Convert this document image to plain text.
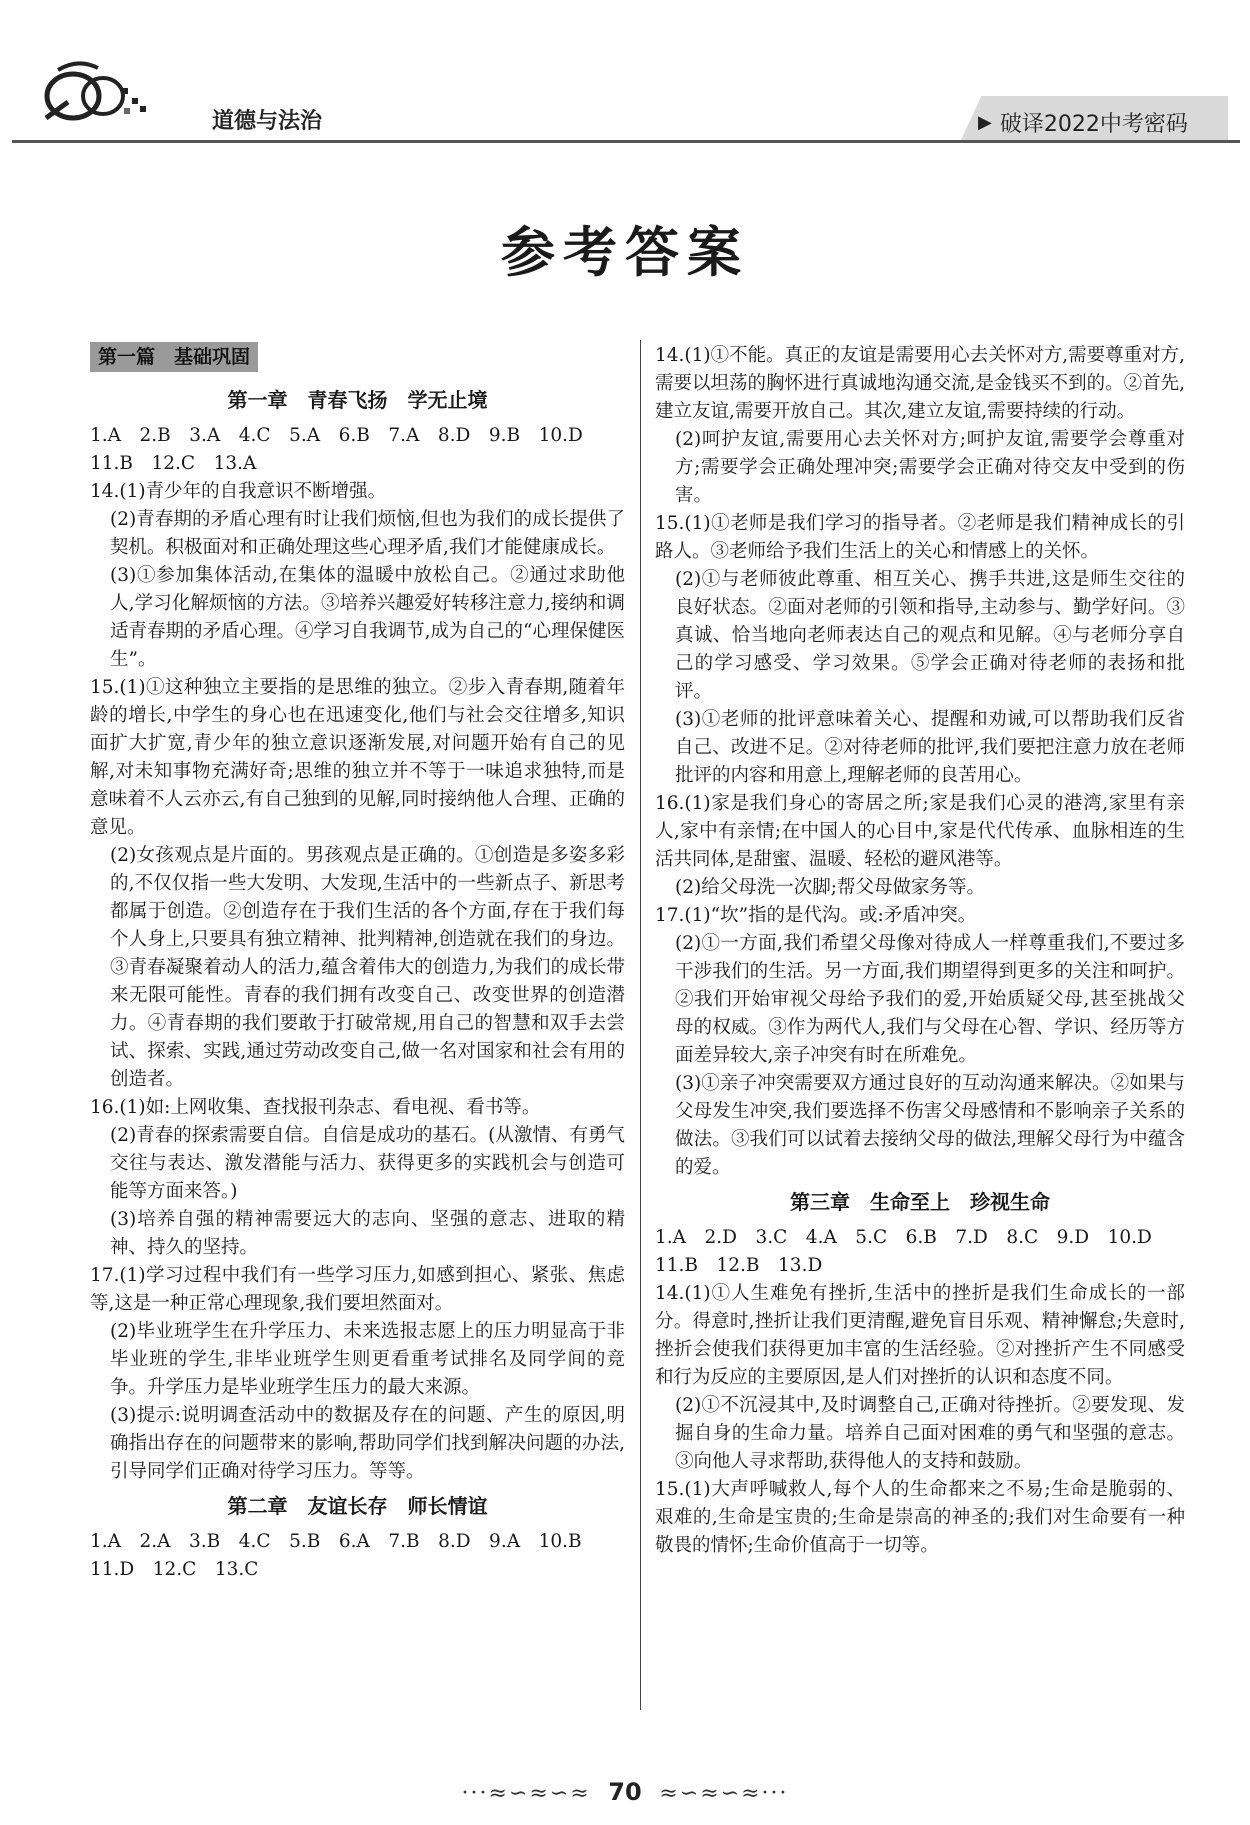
道德与法治	▶ 破译2022中考密码
参考答案
第一篇　基础巩固
第一章　青春飞扬　学无止境

1.A　2.B　3.A　4.C　5.A　6.B　7.A　8.D　9.B　10.D

11.B　12.C　13.A

14.(1)青少年的自我意识不断增强。

(2)青春期的矛盾心理有时让我们烦恼,但也为我们的成长提供了契机。积极面对和正确处理这些心理矛盾,我们才能健康成长。

(3)①参加集体活动,在集体的温暖中放松自己。②通过求助他人,学习化解烦恼的方法。③培养兴趣爱好转移注意力,接纳和调适青春期的矛盾心理。④学习自我调节,成为自己的“心理保健医生”。

15.(1)①这种独立主要指的是思维的独立。②步入青春期,随着年龄的增长,中学生的身心也在迅速变化,他们与社会交往增多,知识面扩大扩宽,青少年的独立意识逐渐发展,对问题开始有自己的见解,对未知事物充满好奇;思维的独立并不等于一味追求独特,而是意味着不人云亦云,有自己独到的见解,同时接纳他人合理、正确的意见。

(2)女孩观点是片面的。男孩观点是正确的。①创造是多姿多彩的,不仅仅指一些大发明、大发现,生活中的一些新点子、新思考都属于创造。②创造存在于我们生活的各个方面,存在于我们每个人身上,只要具有独立精神、批判精神,创造就在我们的身边。③青春凝聚着动人的活力,蕴含着伟大的创造力,为我们的成长带来无限可能性。青春的我们拥有改变自己、改变世界的创造潜力。④青春期的我们要敢于打破常规,用自己的智慧和双手去尝试、探索、实践,通过劳动改变自己,做一名对国家和社会有用的创造者。

16.(1)如:上网收集、查找报刊杂志、看电视、看书等。

(2)青春的探索需要自信。自信是成功的基石。(从激情、有勇气交往与表达、激发潜能与活力、获得更多的实践机会与创造可能等方面来答。)

(3)培养自强的精神需要远大的志向、坚强的意志、进取的精神、持久的坚持。

17.(1)学习过程中我们有一些学习压力,如感到担心、紧张、焦虑等,这是一种正常心理现象,我们要坦然面对。

(2)毕业班学生在升学压力、未来选报志愿上的压力明显高于非毕业班的学生,非毕业班学生则更看重考试排名及同学间的竞争。升学压力是毕业班学生压力的最大来源。

(3)提示:说明调查活动中的数据及存在的问题、产生的原因,明确指出存在的问题带来的影响,帮助同学们找到解决问题的办法,引导同学们正确对待学习压力。等等。

第二章　友谊长存　师长情谊

1.A　2.A　3.B　4.C　5.B　6.A　7.B　8.D　9.A　10.B

11.D　12.C　13.C

14.(1)①不能。真正的友谊是需要用心去关怀对方,需要尊重对方,需要以坦荡的胸怀进行真诚地沟通交流,是金钱买不到的。②首先,建立友谊,需要开放自己。其次,建立友谊,需要持续的行动。

(2)呵护友谊,需要用心去关怀对方;呵护友谊,需要学会尊重对方;需要学会正确处理冲突;需要学会正确对待交友中受到的伤害。

15.(1)①老师是我们学习的指导者。②老师是我们精神成长的引路人。③老师给予我们生活上的关心和情感上的关怀。

(2)①与老师彼此尊重、相互关心、携手共进,这是师生交往的良好状态。②面对老师的引领和指导,主动参与、勤学好问。③真诚、恰当地向老师表达自己的观点和见解。④与老师分享自己的学习感受、学习效果。⑤学会正确对待老师的表扬和批评。

(3)①老师的批评意味着关心、提醒和劝诫,可以帮助我们反省自己、改进不足。②对待老师的批评,我们要把注意力放在老师批评的内容和用意上,理解老师的良苦用心。

16.(1)家是我们身心的寄居之所;家是我们心灵的港湾,家里有亲人,家中有亲情;在中国人的心目中,家是代代传承、血脉相连的生活共同体,是甜蜜、温暖、轻松的避风港等。

(2)给父母洗一次脚;帮父母做家务等。

17.(1)“坎”指的是代沟。或:矛盾冲突。

(2)①一方面,我们希望父母像对待成人一样尊重我们,不要过多干涉我们的生活。另一方面,我们期望得到更多的关注和呵护。②我们开始审视父母给予我们的爱,开始质疑父母,甚至挑战父母的权威。③作为两代人,我们与父母在心智、学识、经历等方面差异较大,亲子冲突有时在所难免。

(3)①亲子冲突需要双方通过良好的互动沟通来解决。②如果与父母发生冲突,我们要选择不伤害父母感情和不影响亲子关系的做法。③我们可以试着去接纳父母的做法,理解父母行为中蕴含的爱。

第三章　生命至上　珍视生命

1.A　2.D　3.C　4.A　5.C　6.B　7.D　8.C　9.D　10.D

11.B　12.B　13.D

14.(1)①人生难免有挫折,生活中的挫折是我们生命成长的一部分。得意时,挫折让我们更清醒,避免盲目乐观、精神懈怠;失意时,挫折会使我们获得更加丰富的生活经验。②对挫折产生不同感受和行为反应的主要原因,是人们对挫折的认识和态度不同。

(2)①不沉浸其中,及时调整自己,正确对待挫折。②要发现、发掘自身的生命力量。培养自己面对困难的勇气和坚强的意志。③向他人寻求帮助,获得他人的支持和鼓励。

15.(1)大声呼喊救人,每个人的生命都来之不易;生命是脆弱的、艰难的,生命是宝贵的;生命是崇高的神圣的;我们对生命要有一种敬畏的情怀;生命价值高于一切等。

···≈∽≈∽≈ 70 ≈∽≈∽≈···
